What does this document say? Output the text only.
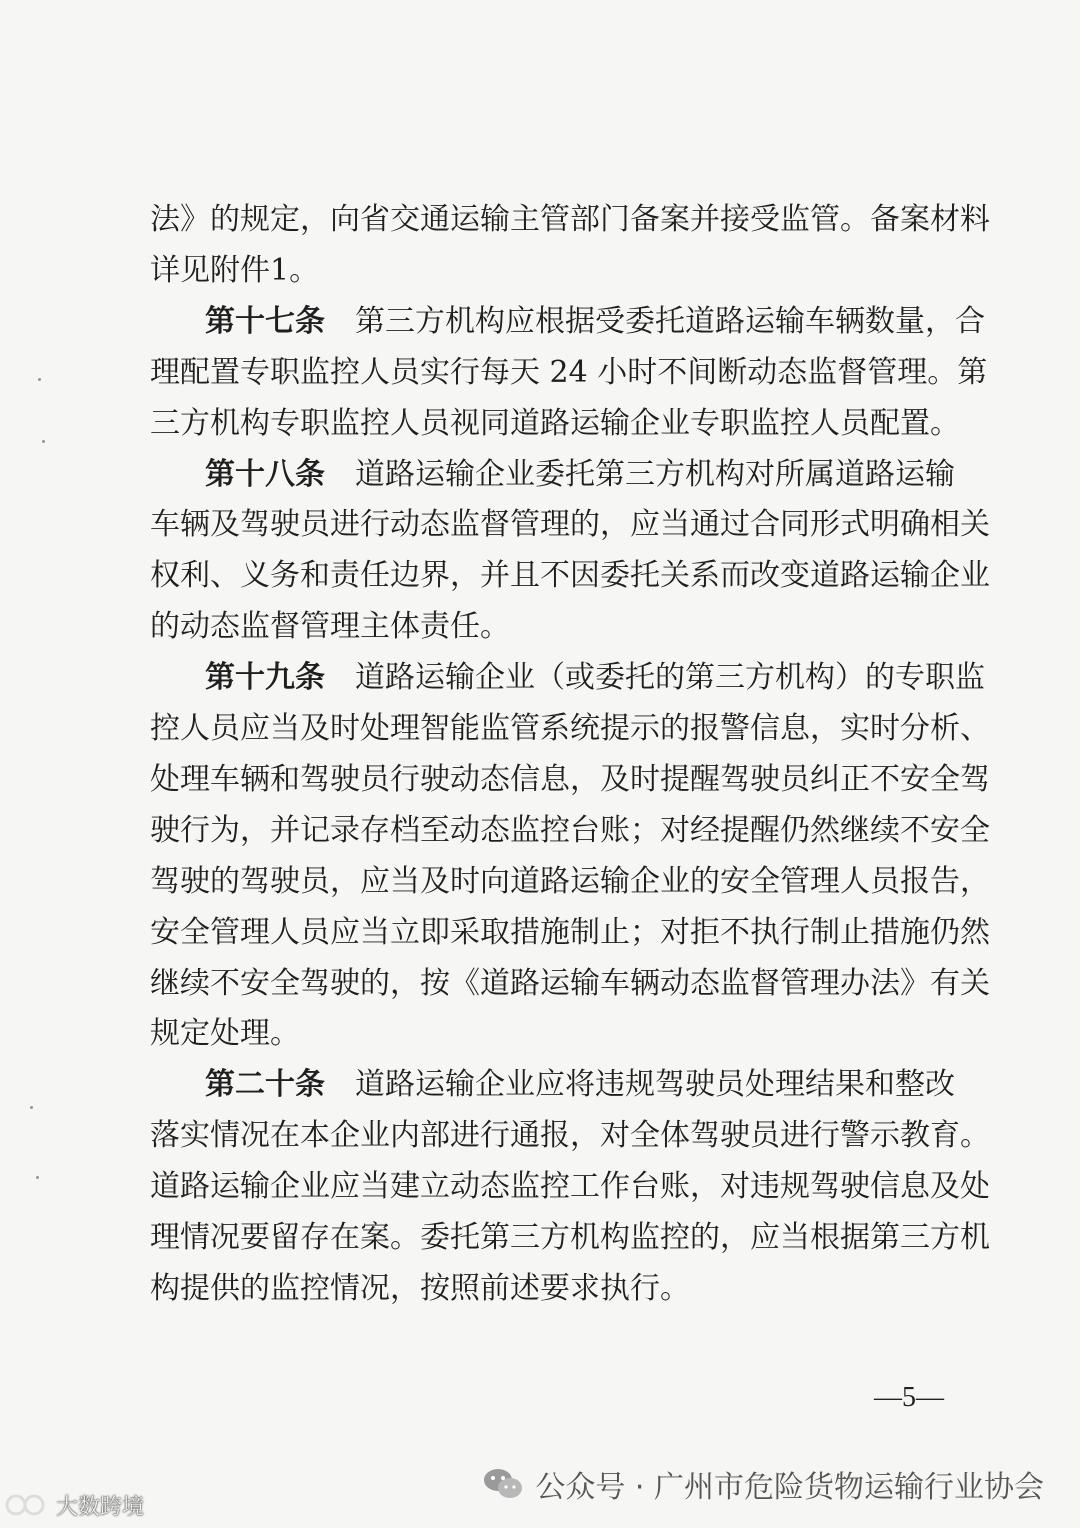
法》的规定，向省交通运输主管部门备案并接受监管。备案材料
详见附件1。
第十七条 第三方机构应根据受委托道路运输车辆数量，合
理配置专职监控人员实行每天 24 小时不间断动态监督管理。第
三方机构专职监控人员视同道路运输企业专职监控人员配置。
第十八条 道路运输企业委托第三方机构对所属道路运输
车辆及驾驶员进行动态监督管理的，应当通过合同形式明确相关
权利、义务和责任边界，并且不因委托关系而改变道路运输企业
的动态监督管理主体责任。
第十九条 道路运输企业（或委托的第三方机构）的专职监
控人员应当及时处理智能监管系统提示的报警信息，实时分析、
处理车辆和驾驶员行驶动态信息，及时提醒驾驶员纠正不安全驾
驶行为，并记录存档至动态监控台账；对经提醒仍然继续不安全
驾驶的驾驶员，应当及时向道路运输企业的安全管理人员报告，
安全管理人员应当立即采取措施制止；对拒不执行制止措施仍然
继续不安全驾驶的，按《道路运输车辆动态监督管理办法》有关
规定处理。
第二十条 道路运输企业应将违规驾驶员处理结果和整改
落实情况在本企业内部进行通报，对全体驾驶员进行警示教育。
道路运输企业应当建立动态监控工作台账，对违规驾驶信息及处
理情况要留存在案。委托第三方机构监控的，应当根据第三方机
构提供的监控情况，按照前述要求执行。
—5—
公众号 · 广州市危险货物运输行业协会
大数跨境
